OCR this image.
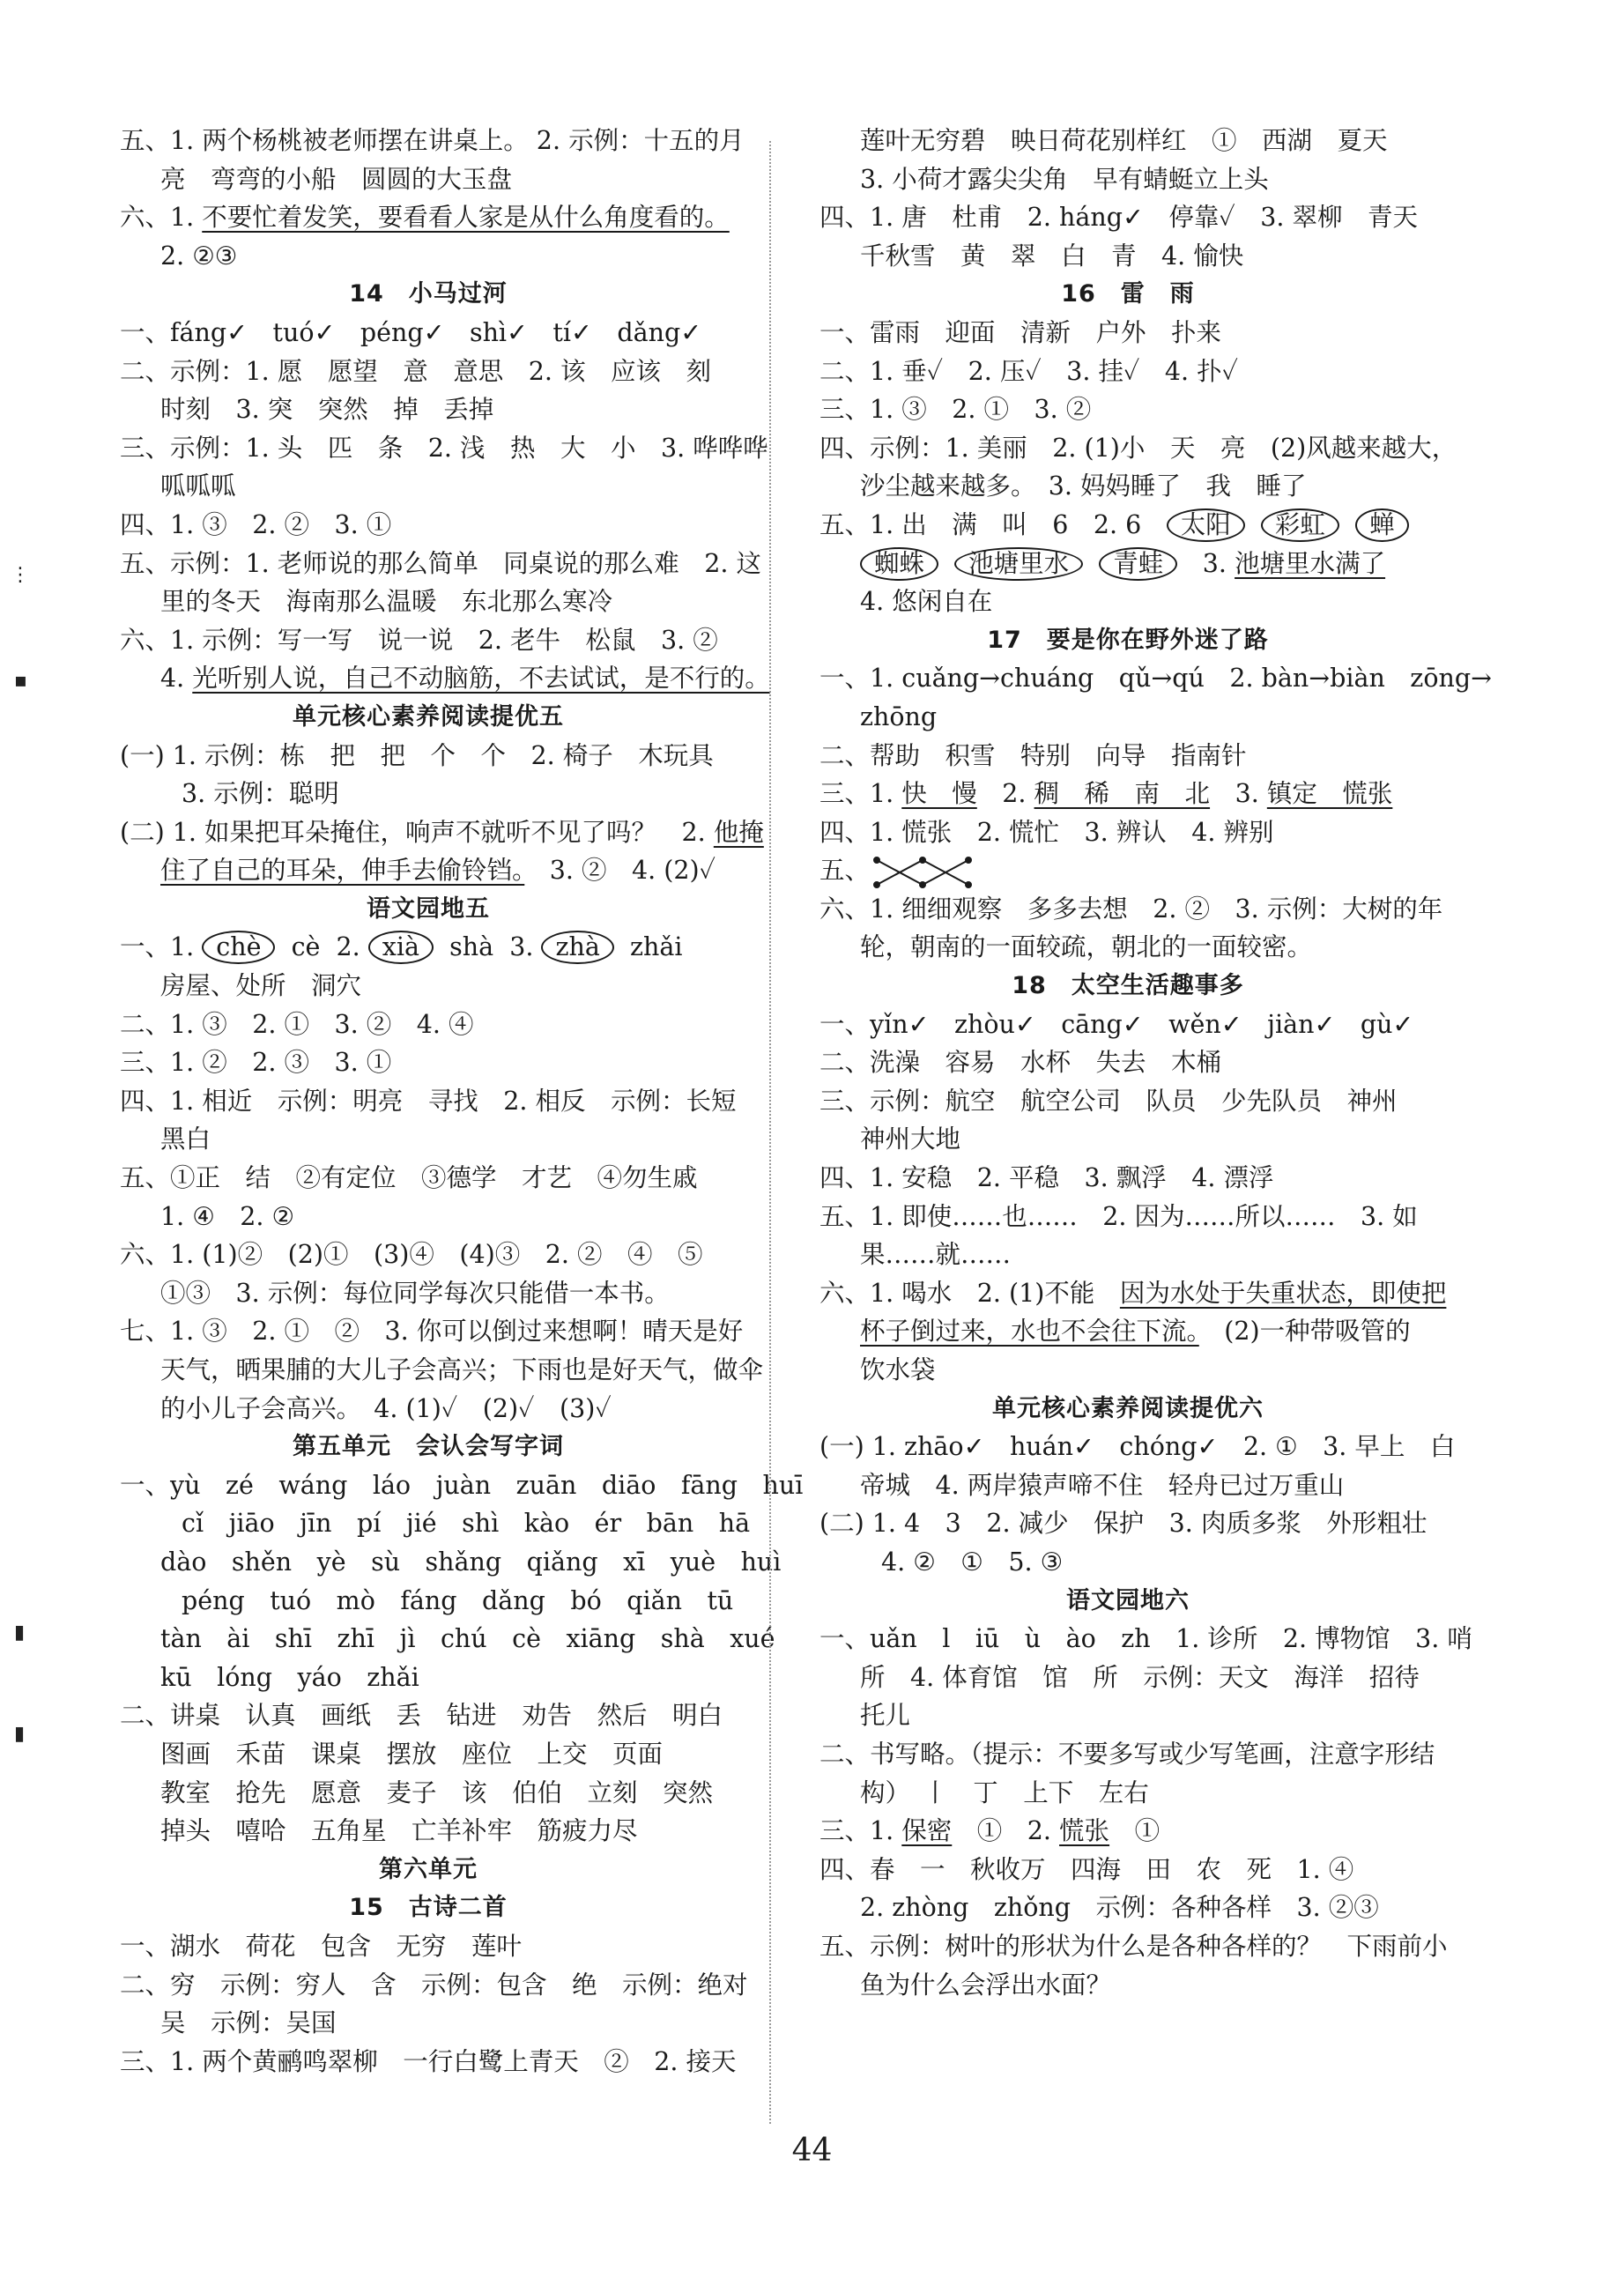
五、1. 两个杨桃被老师摆在讲桌上。 2. 示例：十五的月
亮　弯弯的小船　圆圆的大玉盘
六、1. 不要忙着发笑，要看看人家是从什么角度看的。
2. ②③
14　小马过河
一、fáng✓　tuó✓　péng✓　shì✓　tí✓　dǎng✓
二、示例：1. 愿　愿望　意　意思　2. 该　应该　刻
时刻　3. 突　突然　掉　丢掉
三、示例：1. 头　匹　条　2. 浅　热　大　小　3. 哗哗哗
呱呱呱
四、1. ③　2. ②　3. ①
五、示例：1. 老师说的那么简单　同桌说的那么难　2. 这
里的冬天　海南那么温暖　东北那么寒冷
六、1. 示例：写一写　说一说　2. 老牛　松鼠　3. ②
4. 光听别人说，自己不动脑筋，不去试试，是不行的。
单元核心素养阅读提优五
(一) 1. 示例：栋　把　把　个　个　2. 椅子　木玩具
3. 示例：聪明
(二) 1. 如果把耳朵掩住，响声不就听不见了吗？　2. 他掩
住了自己的耳朵，伸手去偷铃铛。　3. ②　4. (2)✓
语文园地五
一、1. chè cè  2. xià shà  3. zhà zhǎi
房屋、处所　洞穴
二、1. ③　2. ①　3. ②　4. ④
三、1. ②　2. ③　3. ①
四、1. 相近　示例：明亮　寻找　2. 相反　示例：长短
黑白
五、①正　结　②有定位　③德学　才艺　④勿生戚
1. ④　2. ②
六、1. (1)②　(2)①　(3)④　(4)③　2. ②　④　⑤
①③　3. 示例：每位同学每次只能借一本书。
七、1. ③　2. ①　②　3. 你可以倒过来想啊！晴天是好
天气，晒果脯的大儿子会高兴；下雨也是好天气，做伞
的小儿子会高兴。　4. (1)✓　(2)✓　(3)✓
第五单元　会认会写字词
一、yù　zé　wáng　láo　juàn　zuān　diāo　fāng　huī
cǐ　jiāo　jīn　pí　jié　shì　kào　ér　bān　hā
dào　shěn　yè　sù　shǎng　qiǎng　xī　yuè　huì
péng　tuó　mò　fáng　dǎng　bó　qiǎn　tū
tàn　ài　shī　zhī　jì　chú　cè　xiāng　shà　xué
kū　lóng　yáo　zhǎi
二、讲桌　认真　画纸　丢　钻进　劝告　然后　明白
图画　禾苗　课桌　摆放　座位　上交　页面
教室　抢先　愿意　麦子　该　伯伯　立刻　突然
掉头　嘻哈　五角星　亡羊补牢　筋疲力尽
第六单元
15　古诗二首
一、湖水　荷花　包含　无穷　莲叶
二、穷　示例：穷人　含　示例：包含　绝　示例：绝对
吴　示例：吴国
三、1. 两个黄鹂鸣翠柳　一行白鹭上青天　②　2. 接天
莲叶无穷碧　映日荷花别样红　①　西湖　夏天
3. 小荷才露尖尖角　早有蜻蜓立上头
四、1. 唐　杜甫　2. háng✓　停靠✓　3. 翠柳　青天
千秋雪　黄　翠　白　青　4. 愉快
16　雷　雨
一、雷雨　迎面　清新　户外　扑来
二、1. 垂✓　2. 压✓　3. 挂✓　4. 扑✓
三、1. ③　2. ①　3. ②
四、示例：1. 美丽　2. (1)小　天　亮　(2)风越来越大，
沙尘越来越多。　3. 妈妈睡了　我　睡了
五、1. 出　满　叫　6　2. 6　太阳 彩虹 蝉
蜘蛛 池塘里水 青蛙　3. 池塘里水满了
4. 悠闲自在
17　要是你在野外迷了路
一、1. cuǎng→chuáng　qǔ→qú　2. bàn→biàn　zōng→
zhōng
二、帮助　积雪　特别　向导　指南针
三、1. 快　慢　2. 稠　稀　南　北　3. 镇定　慌张
四、1. 慌张　2. 慌忙　3. 辨认　4. 辨别
五、
六、1. 细细观察　多多去想　2. ②　3. 示例：大树的年
轮，朝南的一面较疏，朝北的一面较密。
18　太空生活趣事多
一、yǐn✓　zhòu✓　cāng✓　wěn✓　jiàn✓　gù✓
二、洗澡　容易　水杯　失去　木桶
三、示例：航空　航空公司　队员　少先队员　神州
神州大地
四、1. 安稳　2. 平稳　3. 飘浮　4. 漂浮
五、1. 即使……也……　2. 因为……所以……　3. 如
果……就……
六、1. 喝水　2. (1)不能　因为水处于失重状态，即使把
杯子倒过来，水也不会往下流。　(2)一种带吸管的
饮水袋
单元核心素养阅读提优六
(一) 1. zhāo✓　huán✓　chóng✓　2. ①　3. 早上　白
帝城　4. 两岸猿声啼不住　轻舟已过万重山
(二) 1. 4　3　2. 减少　保护　3. 肉质多浆　外形粗壮
4. ②　①　5. ③
语文园地六
一、uǎn　l　iū　ù　ào　zh　1. 诊所　2. 博物馆　3. 哨
所　4. 体育馆　馆　所　示例：天文　海洋　招待
托儿
二、书写略。（提示：不要多写或少写笔画，注意字形结
构）　丨　丁　上下　左右
三、1. 保密　①　2. 慌张　①
四、春　一　秋收万　四海　田　农　死　1. ④
2. zhòng　zhǒng　示例：各种各样　3. ②③
五、示例：树叶的形状为什么是各种各样的？　下雨前小
鱼为什么会浮出水面？
⋮
▪
▮
▮
44
